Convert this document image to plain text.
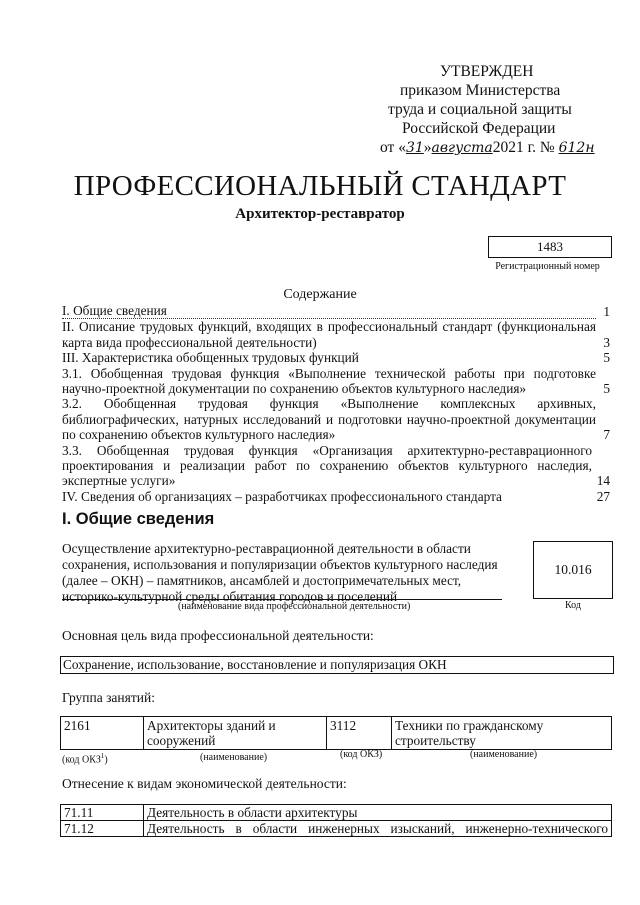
УТВЕРЖДЕН
приказом Министерства
труда и социальной защиты
Российской Федерации
от «31»августа2021 г. № 612н
ПРОФЕССИОНАЛЬНЫЙ СТАНДАРТ
Архитектор-реставратор
1483
Регистрационный номер
Содержание
I. Общие сведения	1
II. Описание трудовых функций, входящих в профессиональный стандарт (функциональная карта вида профессиональной деятельности)	3
III. Характеристика обобщенных трудовых функций	5
3.1. Обобщенная трудовая функция «Выполнение технической работы при подготовке научно-проектной документации по сохранению объектов культурного наследия»	5
3.2. Обобщенная трудовая функция «Выполнение комплексных архивных, библиографических, натурных исследований и подготовки научно-проектной документации по сохранению объектов культурного наследия»	7
3.3. Обобщенная трудовая функция «Организация архитектурно-реставрационного проектирования и реализации работ по сохранению объектов культурного наследия, экспертные услуги»	14
IV. Сведения об организациях – разработчиках профессионального стандарта	27
I. Общие сведения
Осуществление архитектурно-реставрационной деятельности в области
сохранения, использования и популяризации объектов культурного наследия
(далее – ОКН) – памятников, ансамблей и достопримечательных мест,
историко-культурной среды обитания городов и поселений
(наименование вида профессиональной деятельности)
10.016
Код
Основная цель вида профессиональной деятельности:
Сохранение, использование, восстановление и популяризация ОКН
Группа занятий:
2161	Архитекторы зданий и сооружений	3112	Техники по гражданскому строительству
(код ОКЗ$^1$)	(наименование)	(код ОКЗ)	(наименование)
Отнесение к видам экономической деятельности:
71.11	Деятельность в области архитектуры
71.12	Деятельность в области инженерных изысканий, инженерно-технического
